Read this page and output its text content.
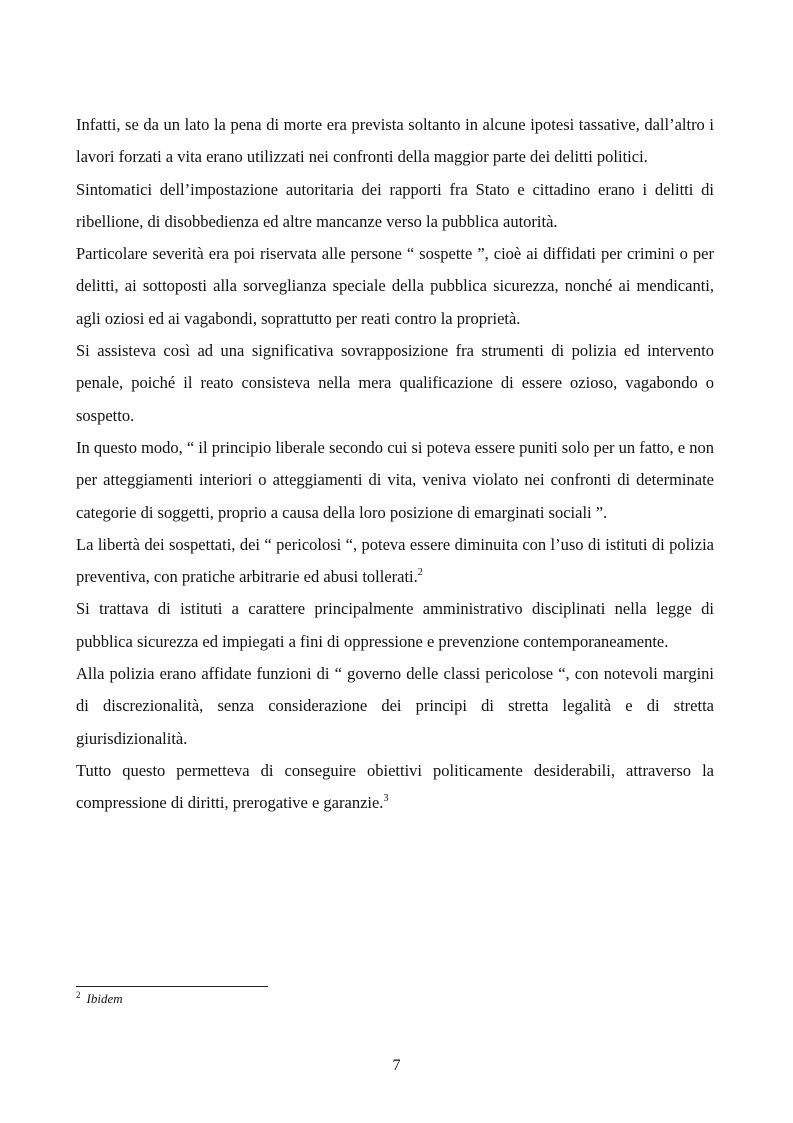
Infatti, se da un lato la pena di morte era prevista soltanto in alcune ipotesi tassative, dall’altro i lavori forzati a vita erano utilizzati nei confronti della maggior parte dei delitti politici.

Sintomatici dell’impostazione autoritaria dei rapporti fra Stato e cittadino erano i delitti di ribellione, di disobbedienza ed altre mancanze verso la pubblica autorità.

Particolare severità era poi riservata alle persone “ sospette ”, cioè ai diffidati per crimini o per delitti, ai sottoposti alla sorveglianza speciale della pubblica sicurezza, nonché ai mendicanti, agli oziosi ed ai vagabondi, soprattutto per reati contro la proprietà.

Si assisteva così ad una significativa sovrapposizione fra strumenti di polizia ed intervento penale, poiché il reato consisteva nella mera qualificazione di essere ozioso, vagabondo o sospetto.

In questo modo, “ il principio liberale secondo cui si poteva essere puniti solo per un fatto, e non per atteggiamenti interiori o atteggiamenti di vita, veniva violato nei confronti di determinate categorie di soggetti, proprio a causa della loro posizione di emarginati sociali ”.

La libertà dei sospettati, dei “ pericolosi “, poteva essere diminuita con l’uso di istituti di polizia preventiva, con pratiche arbitrarie ed abusi tollerati.$^2$

Si trattava di istituti a carattere principalmente amministrativo disciplinati nella legge di pubblica sicurezza ed impiegati a fini di oppressione e prevenzione contemporaneamente.

Alla polizia erano affidate funzioni di “ governo delle classi pericolose “, con notevoli margini di discrezionalità, senza considerazione dei principi di stretta legalità e di stretta giurisdizionalità.

Tutto questo permetteva di conseguire obiettivi politicamente desiderabili, attraverso la compressione di diritti, prerogative e garanzie.$^3$

$^2$ Ibidem
7
